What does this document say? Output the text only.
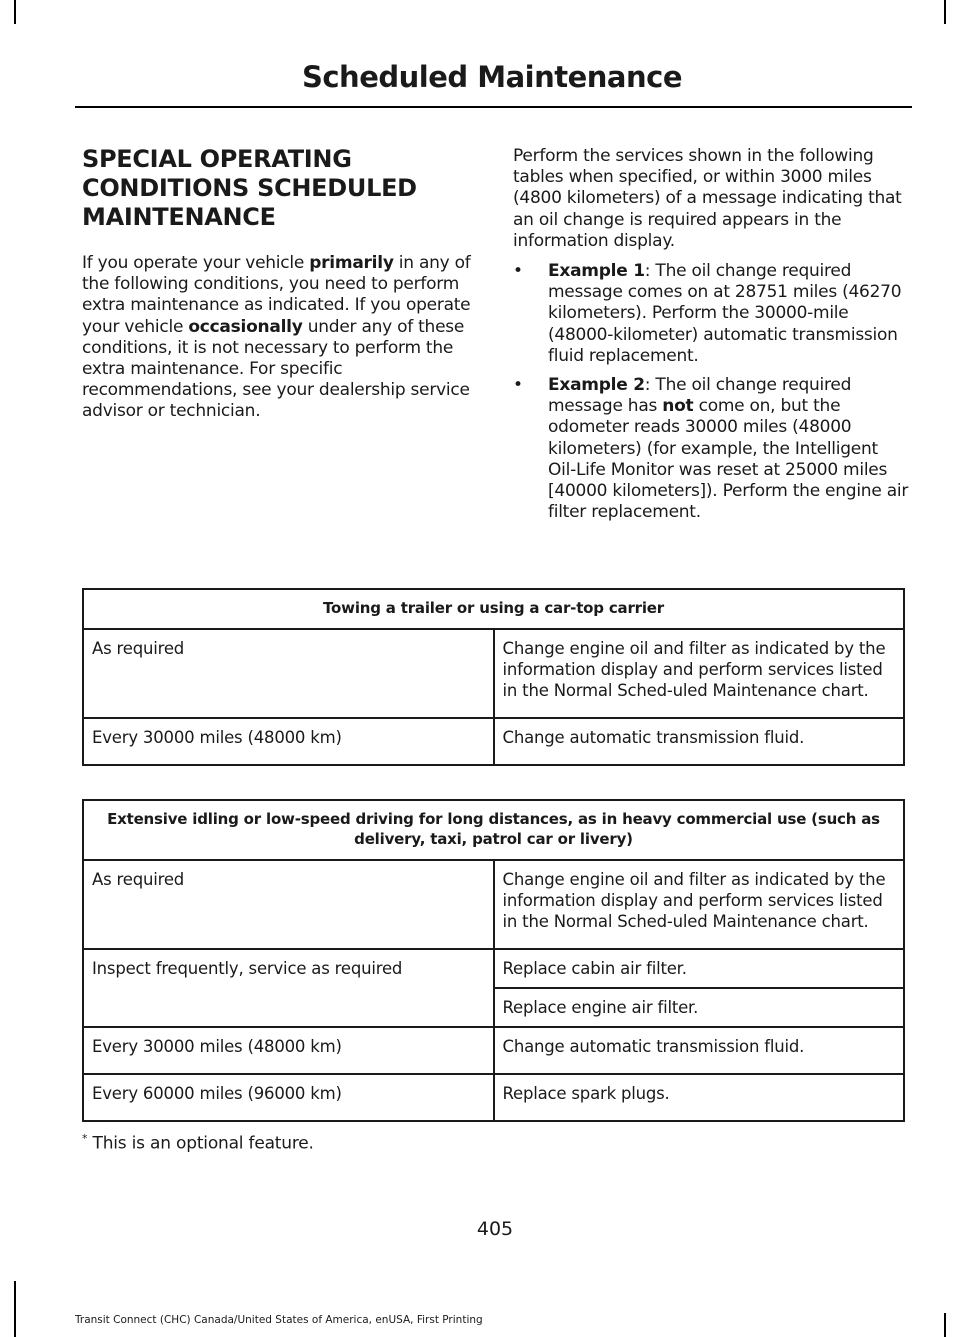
Scheduled Maintenance
SPECIAL OPERATING
CONDITIONS SCHEDULED
MAINTENANCE

If you operate your vehicle primarily in any of the following conditions, you need to perform extra maintenance as indicated. If you operate your vehicle occasionally under any of these conditions, it is not necessary to perform the extra maintenance. For specific recommendations, see your dealership service advisor or technician.

Perform the services shown in the following tables when specified, or within 3000 miles (4800 kilometers) of a message indicating that an oil change is required appears in the information display.

• Example 1: The oil change required message comes on at 28751 miles (46270 kilometers). Perform the 30000-mile (48000-kilometer) automatic transmission fluid replacement.
• Example 2: The oil change required message has not come on, but the odometer reads 30000 miles (48000 kilometers) (for example, the Intelligent Oil-Life Monitor was reset at 25000 miles [40000 kilometers]). Perform the engine air filter replacement.
Towing a trailer or using a car-top carrier	
As required	Change engine oil and filter as indicated by the information display and perform services listed in the Normal Sched-uled Maintenance chart.
Every 30000 miles (48000 km)	Change automatic transmission fluid.
Extensive idling or low-speed driving for long distances, as in heavy commercial use (such as delivery, taxi, patrol car or livery)	
As required	Change engine oil and filter as indicated by the information display and perform services listed in the Normal Sched-uled Maintenance chart.
Inspect frequently, service as required	Replace cabin air filter.
	Replace engine air filter.
Every 30000 miles (48000 km)	Change automatic transmission fluid.
Every 60000 miles (96000 km)	Replace spark plugs.
* This is an optional feature.
405
Transit Connect (CHC) Canada/United States of America, enUSA, First Printing
